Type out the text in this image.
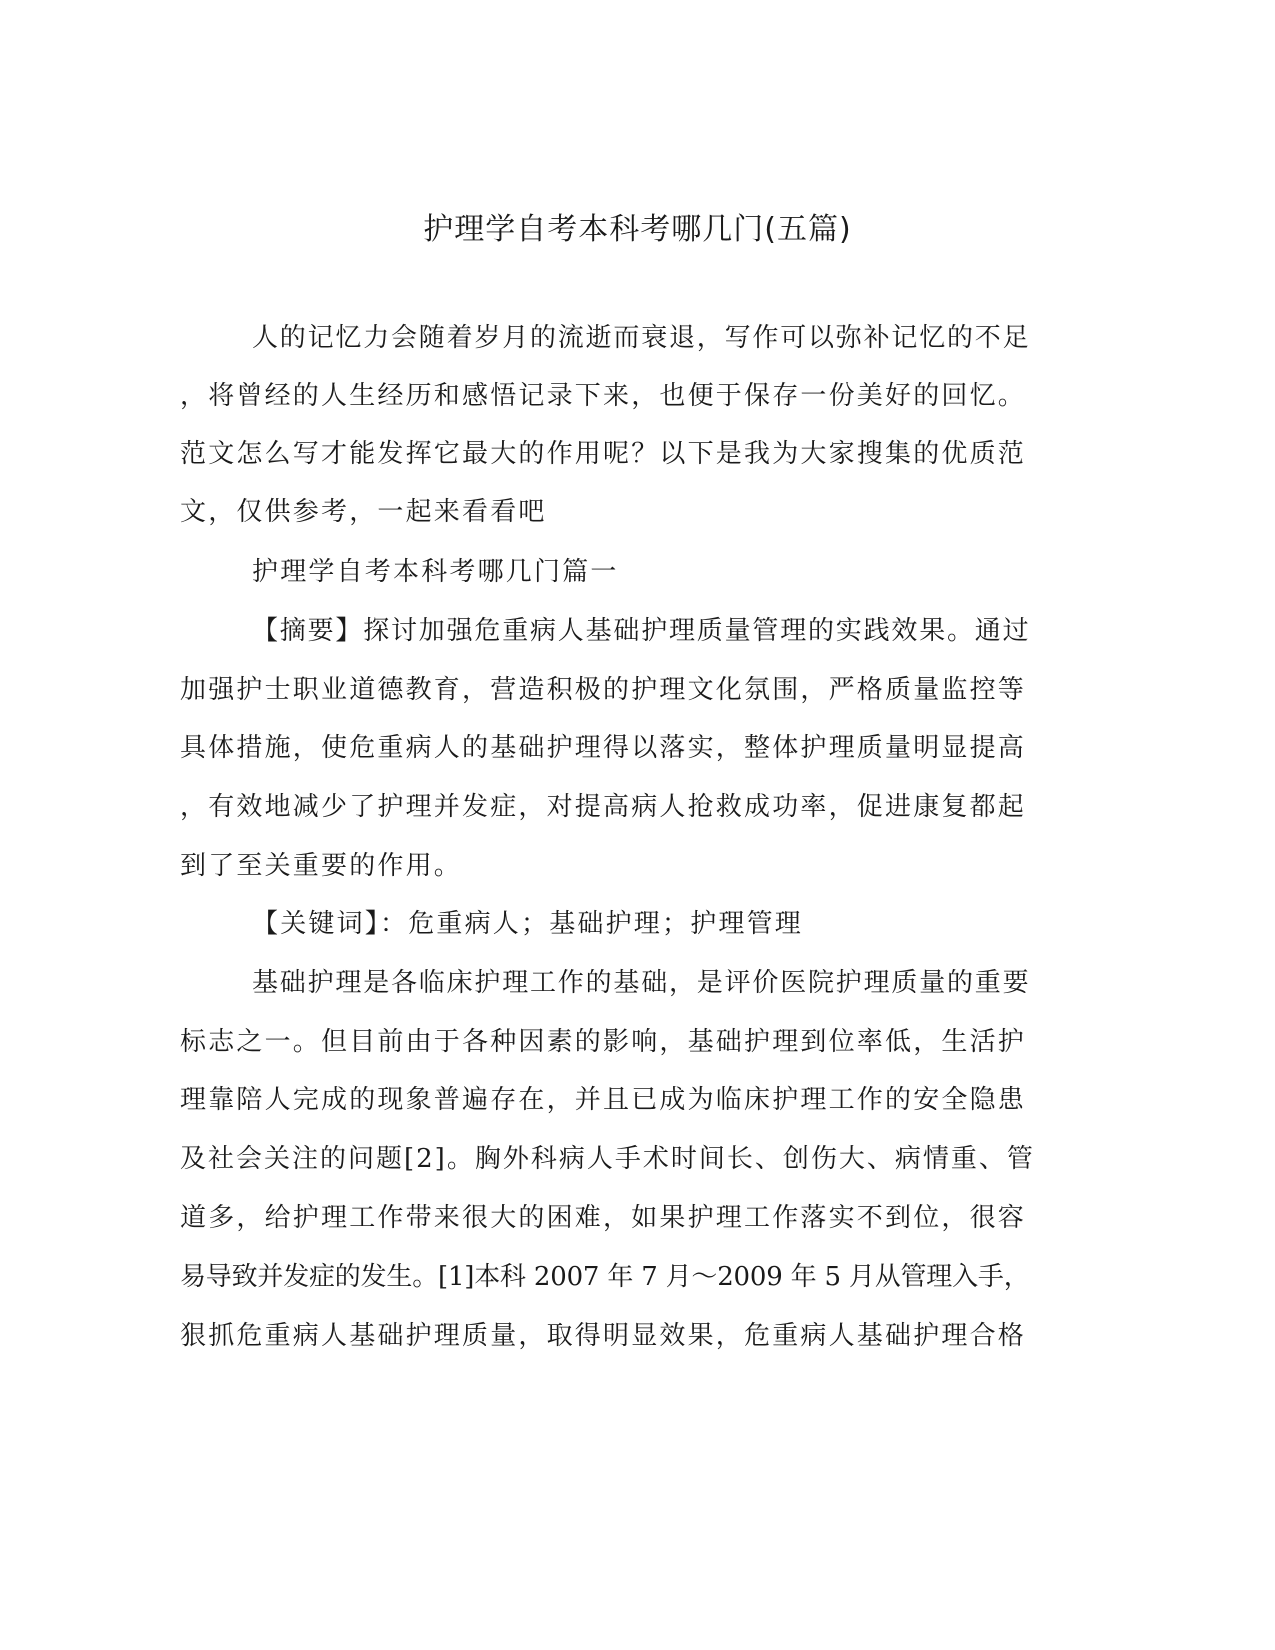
护理学自考本科考哪几门(五篇)
人的记忆力会随着岁月的流逝而衰退，写作可以弥补记忆的不足
，将曾经的人生经历和感悟记录下来，也便于保存一份美好的回忆。
范文怎么写才能发挥它最大的作用呢？以下是我为大家搜集的优质范
文，仅供参考，一起来看看吧
护理学自考本科考哪几门篇一
【摘要】探讨加强危重病人基础护理质量管理的实践效果。通过
加强护士职业道德教育，营造积极的护理文化氛围，严格质量监控等
具体措施，使危重病人的基础护理得以落实，整体护理质量明显提高
，有效地减少了护理并发症，对提高病人抢救成功率，促进康复都起
到了至关重要的作用。
【关键词】：危重病人；基础护理；护理管理
基础护理是各临床护理工作的基础，是评价医院护理质量的重要
标志之一。但目前由于各种因素的影响，基础护理到位率低，生活护
理靠陪人完成的现象普遍存在，并且已成为临床护理工作的安全隐患
及社会关注的问题[2]。胸外科病人手术时间长、创伤大、病情重、管
道多，给护理工作带来很大的困难，如果护理工作落实不到位，很容
易导致并发症的发生。[1]本科 2007 年 7 月～2009 年 5 月从管理入手，
狠抓危重病人基础护理质量，取得明显效果，危重病人基础护理合格
